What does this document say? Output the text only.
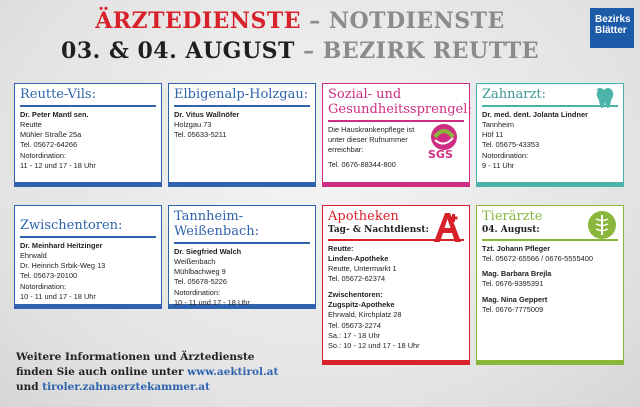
ÄRZTEDIENSTE – NOTDIENSTE
03. & 04. AUGUST – BEZIRK REUTTE
Bezirks
Blätter
Reutte-Vils:
Dr. Peter Mantl sen.
Reutte
Mühler Straße 25a
Tel. 05672-64266
Notordination:
11 - 12 und 17 - 18 Uhr
Elbigenalp-Holzgau:
Dr. Vitus Wallnöfer
Holzgau 73
Tel. 05633-5211
Sozial- und
Gesundheitssprengel:
Die Hauskrankenpflege ist
unter dieser Rufnummer
erreichbar:
Tel. 0676-88344-800
SGS
Zahnarzt:
Dr. med. dent. Jolanta Lindner
Tannheim
Höf 11
Tel. 05675-43353
Notordination:
9 - 11 Uhr
Zwischentoren:
Dr. Meinhard Heitzinger
Ehrwald
Dr. Heinrich Srbik-Weg 13
Tel. 05673-20100
Notordination:
10 - 11 und 17 - 18 Uhr
Tannheim-
Weißenbach:
Dr. Siegfried Walch
Weißenbach
Mühlbachweg 9
Tel. 05678-5226
Notordination:
10 - 11 und 17 - 18 Uhr
Apotheken
Tag- & Nachtdienst:
Reutte:
Linden-Apotheke
Reutte, Untermarkt 1
Tel. 05672-62374
Zwischentoren:
Zugspitz-Apotheke
Ehrwald, Kirchplatz 28
Tel. 05673-2274
Sa.: 17 - 18 Uhr
So.: 10 - 12 und 17 - 18 Uhr
Tierärzte
04. August:
Tzt. Johann Pfleger
Tel. 05672-65566 / 0676-5555400
Mag. Barbara Brejla
Tel. 0676-9395391
Mag. Nina Geppert
Tel. 0676-7775009
Weitere Informationen und Ärztedienste
finden Sie auch online unter www.aektirol.at
und tiroler.zahnaerztekammer.at
